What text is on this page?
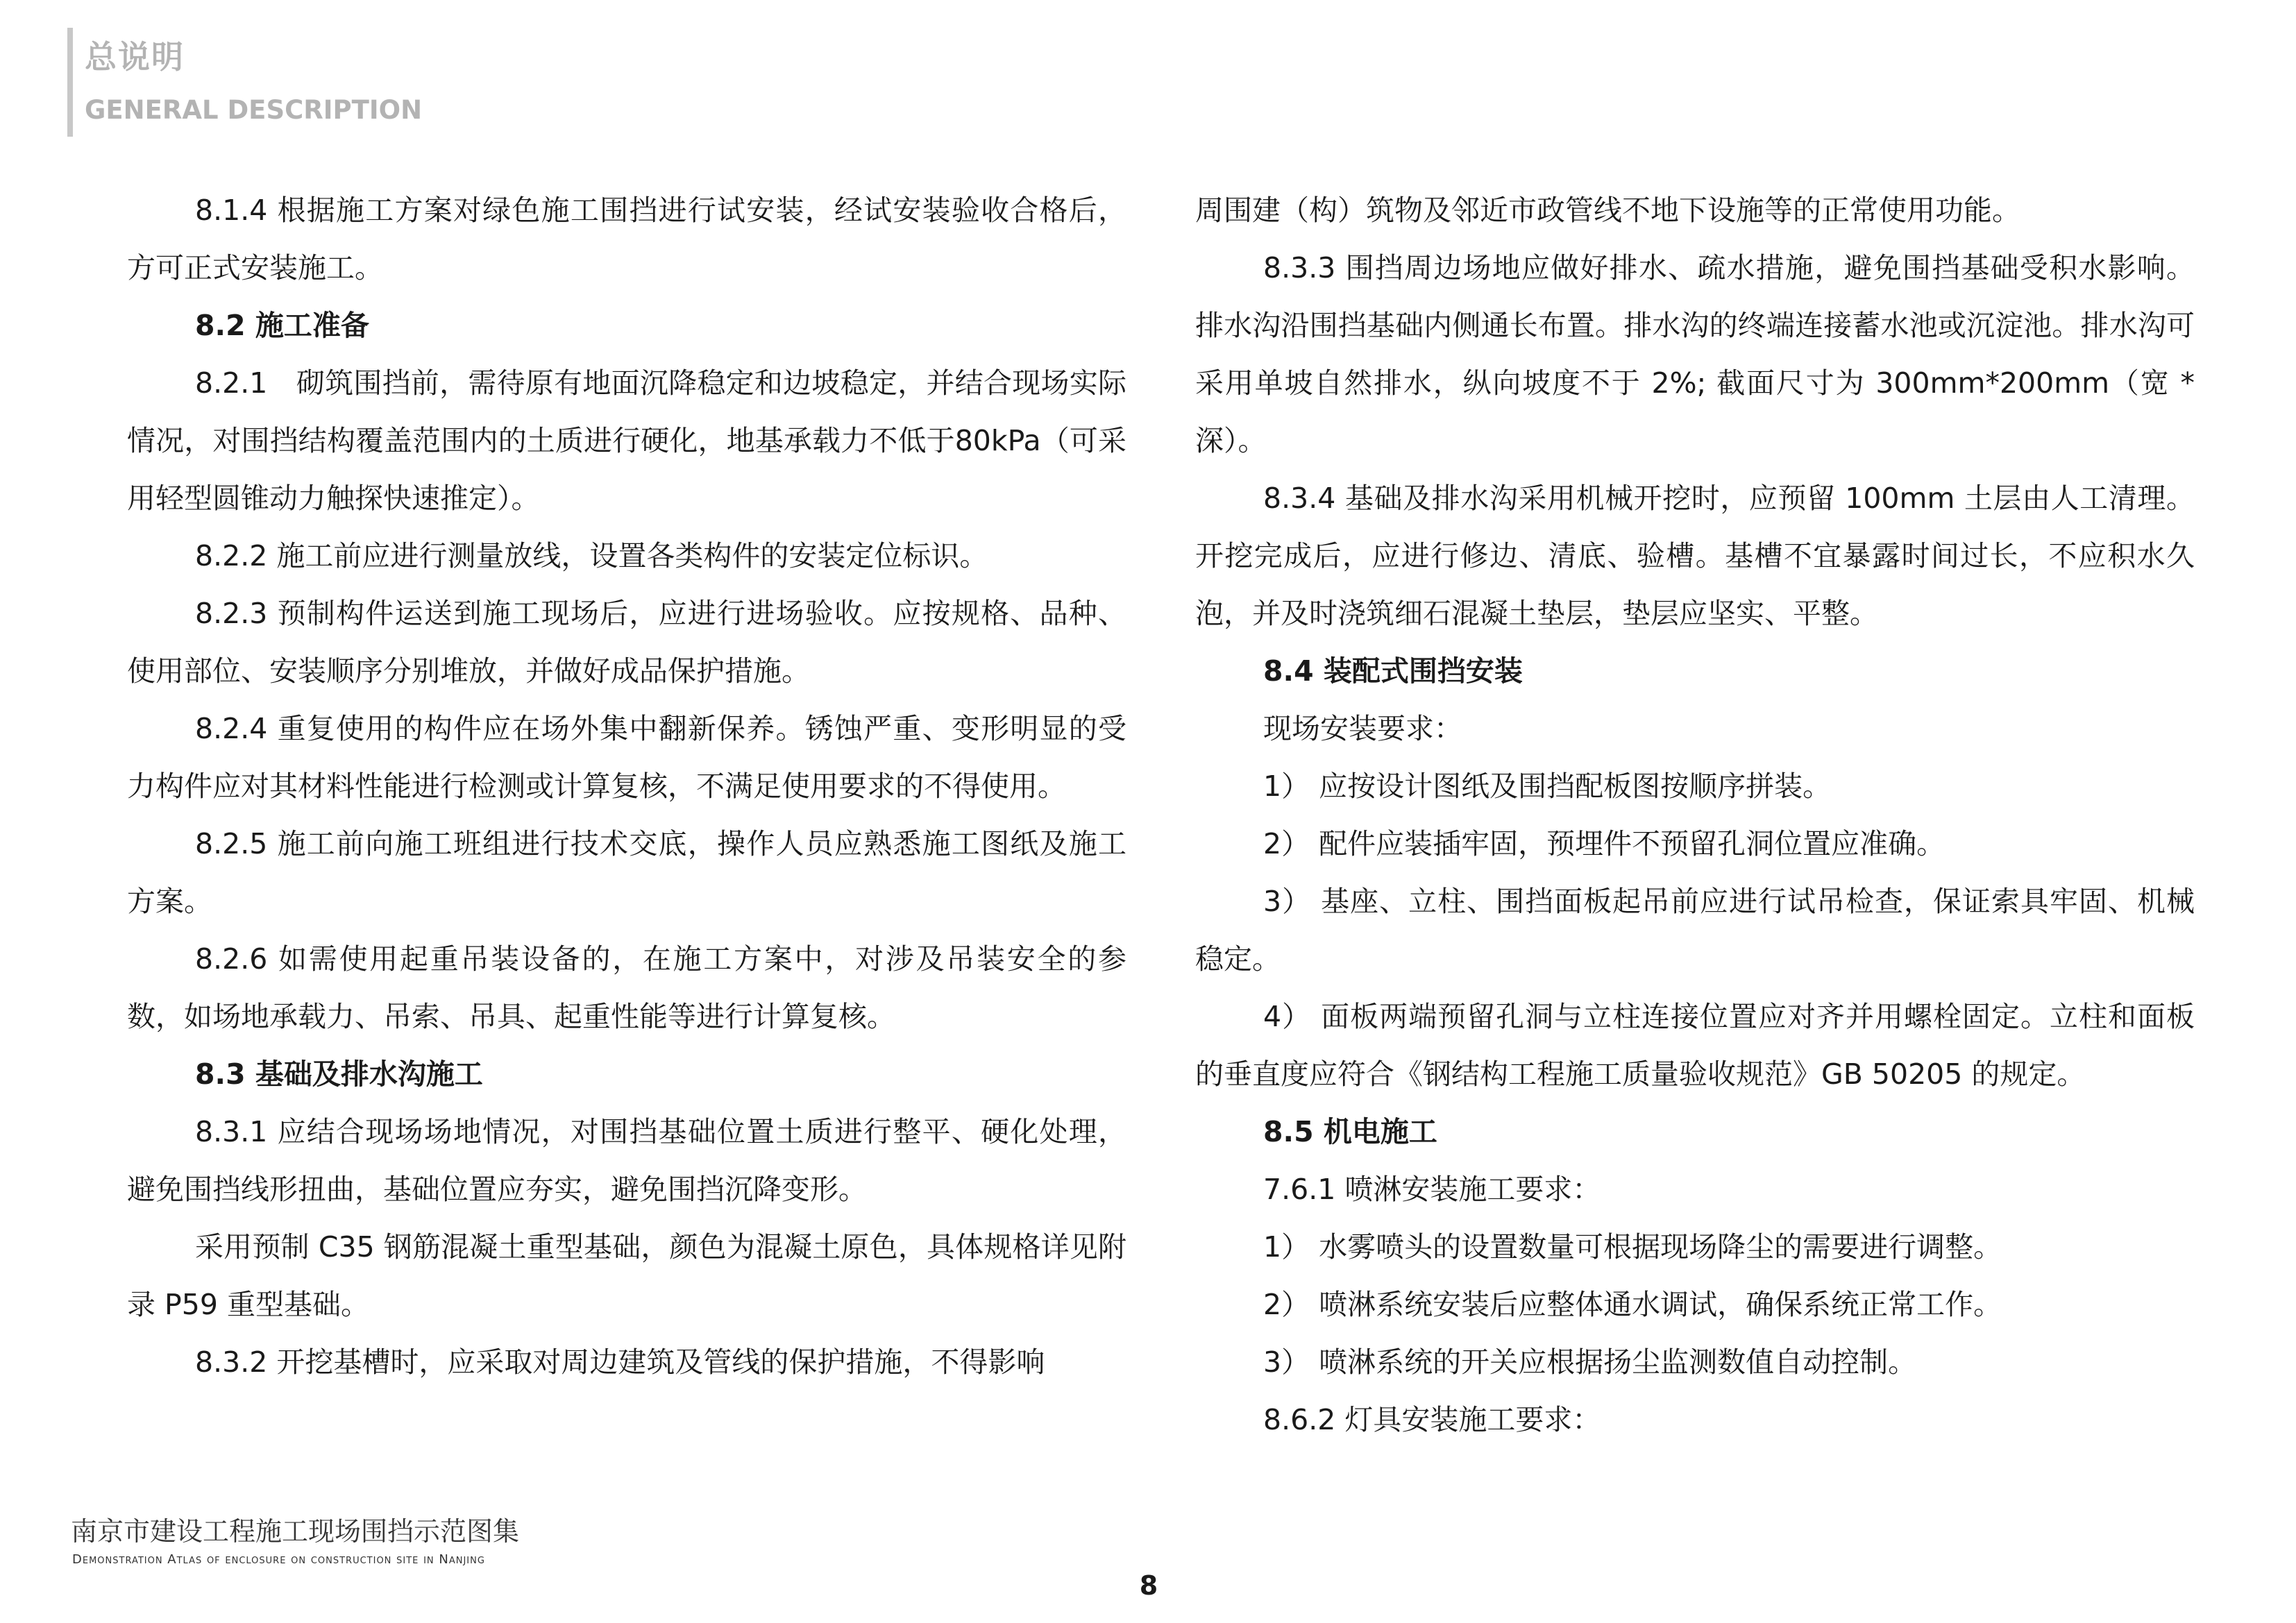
总说明
GENERAL DESCRIPTION

8.1.4 根据施工方案对绿色施工围挡进行试安装，经试安装验收合格后，方可正式安装施工。

8.2 施工准备

8.2.1　砌筑围挡前，需待原有地面沉降稳定和边坡稳定，并结合现场实际情况，对围挡结构覆盖范围内的土质进行硬化，地基承载力不低于80kPa（可采用轻型圆锥动力触探快速推定）。

8.2.2 施工前应进行测量放线，设置各类构件的安装定位标识。

8.2.3 预制构件运送到施工现场后，应进行进场验收。应按规格、品种、使用部位、安装顺序分别堆放，并做好成品保护措施。

8.2.4 重复使用的构件应在场外集中翻新保养。锈蚀严重、变形明显的受力构件应对其材料性能进行检测或计算复核，不满足使用要求的不得使用。

8.2.5 施工前向施工班组进行技术交底，操作人员应熟悉施工图纸及施工方案。

8.2.6 如需使用起重吊装设备的，在施工方案中，对涉及吊装安全的参数，如场地承载力、吊索、吊具、起重性能等进行计算复核。

8.3 基础及排水沟施工

8.3.1 应结合现场场地情况，对围挡基础位置土质进行整平、硬化处理，避免围挡线形扭曲，基础位置应夯实，避免围挡沉降变形。

采用预制 C35 钢筋混凝土重型基础，颜色为混凝土原色，具体规格详见附录 P59 重型基础。

8.3.2 开挖基槽时，应采取对周边建筑及管线的保护措施，不得影响

周围建（构）筑物及邻近市政管线不地下设施等的正常使用功能。

8.3.3 围挡周边场地应做好排水、疏水措施，避免围挡基础受积水影响。排水沟沿围挡基础内侧通长布置。排水沟的终端连接蓄水池或沉淀池。排水沟可采用单坡自然排水，纵向坡度不于 2%; 截面尺寸为 300mm*200mm（宽 * 深）。

8.3.4 基础及排水沟采用机械开挖时，应预留 100mm 土层由人工清理。开挖完成后，应进行修边、清底、验槽。基槽不宜暴露时间过长，不应积水久泡，并及时浇筑细石混凝土垫层，垫层应坚实、平整。

8.4 装配式围挡安装

现场安装要求：

1） 应按设计图纸及围挡配板图按顺序拼装。

2） 配件应装插牢固，预埋件不预留孔洞位置应准确。

3） 基座、立柱、围挡面板起吊前应进行试吊检查，保证索具牢固、机械稳定。

4） 面板两端预留孔洞与立柱连接位置应对齐并用螺栓固定。立柱和面板的垂直度应符合《钢结构工程施工质量验收规范》GB 50205 的规定。

8.5 机电施工

7.6.1 喷淋安装施工要求：

1） 水雾喷头的设置数量可根据现场降尘的需要进行调整。

2） 喷淋系统安装后应整体通水调试，确保系统正常工作。

3） 喷淋系统的开关应根据扬尘监测数值自动控制。

8.6.2 灯具安装施工要求：

南京市建设工程施工现场围挡示范图集
Demonstration Atlas of enclosure on construction site in Nanjing
8
